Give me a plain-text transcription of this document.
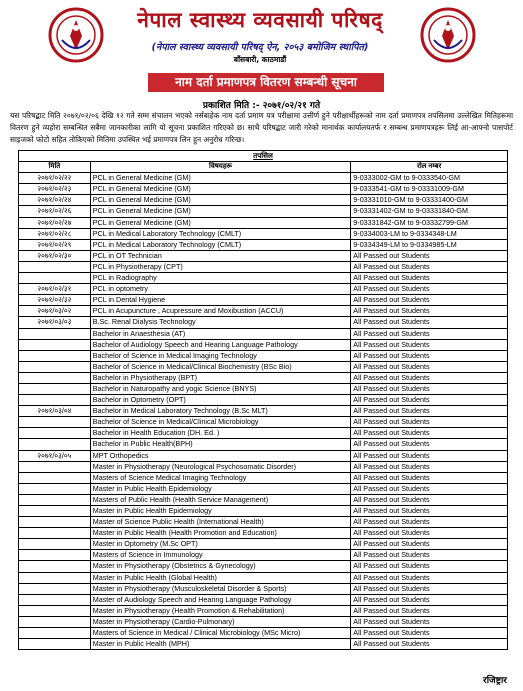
नेपाल स्वास्थ्य व्यवसायी परिषद्
(नेपाल स्वास्थ्य व्यवसायी परिषद् ऐन, २०५३ बमोजिम स्थापित)
बाँसबारी, काठमाडौं
नाम दर्ता प्रमाणपत्र वितरण सम्बन्धी सूचना
प्रकाशित मिति :- २०७१/०२/२१ गते
यस परिषद्बाट मिति २०७१/०२/०६ देखि १२ गते सम्म संचालन भएको नर्सबाहेक नाम दर्ता प्रमाण पत्र परीक्षामा उत्तीर्ण हुने परीक्षार्थीहरूको नाम दर्ता प्रमाणपत्र तपसिलमा उल्लेखित मितिहरूमा वितरण हुने व्यहोरा सम्बन्धित सबैमा जानकारीका लागि यो सूचना प्रकाशित गरिएको छ। साथै परिषद्बाट जारी गरेको मानार्थक कार्यालयतर्फ र सम्बन्ध प्रमाणपत्रहरू लिई आ-आफ्नो पासपोर्ट साइजको फोटो सहित तोकिएको मितिमा उपस्थित भई प्रमाणपत्र लिन हुन अनुरोध गरिन्छ।
तपसिल		
मिति	विषयहरू	रोल नम्बर
२०७१/०२/२२	PCL in General Medicine (GM)	9-0333002-GM to 9-0333540-GM
२०७१/०२/२३	PCL in General Medicine (GM)	9-0333541-GM to 9-03331009-GM
२०७१/०२/२४	PCL in General Medicine (GM)	9-03331010-GM to 9-03331400-GM
२०७१/०२/२६	PCL in General Medicine (GM)	9-03331402-GM to 9-03331840-GM
२०७१/०२/२७	PCL in General Medicine (GM)	9-03331842-GM to 9-03332799-GM
२०७१/०२/२८	PCL in Medical Laboratory Technology (CMLT)	9-0334003-LM to 9-0334348-LM
२०७१/०२/२९	PCL in Medical Laboratory Technology (CMLT)	9-0334349-LM to 9-0334985-LM
२०७१/०२/३०	PCL in OT Technician	All Passed out Students
	PCL in Physiotherapy (CPT)	All Passed out Students
	PCL in Radiography	All Passed out Students
२०७१/०२/३१	PCL in optometry	All Passed out Students
२०७१/०२/३२	PCL in Dental Hygiene	All Passed out Students
२०७१/०३/०२	PCL in Acupuncture , Acupressure and Moxibustion (ACCU)	All Passed out Students
२०७१/०३/०३	B.Sc. Renal Dialysis Technology	All Passed out Students
	Bachelor in Anaesthesia (AT)	All Passed out Students
	Bachelor of Audiology Speech and Hearing Language Pathology	All Passed out Students
	Bachelor of Science in Medical Imaging Technology	All Passed out Students
	Bachelor of Science in Medical/Clinical Biochemistry (BSc Bio)	All Passed out Students
	Bachelor in Physiotherapy (BPT)	All Passed out Students
	Bachelor in Naturopathy and yogic Science (BNYS)	All Passed out Students
	Bachelor in Optometry (OPT)	All Passed out Students
२०७१/०३/०४	Bachelor in Medical Laboratory Technology (B.Sc MLT)	All Passed out Students
	Bachelor of Science in Medical/Clinical Microbiology	All Passed out Students
	Bachelor in Health Education (DH. Ed. )	All Passed out Students
	Bachelor in Public Health(BPH)	All Passed out Students
२०७१/०३/०५	MPT Orthopedics	All Passed out Students
	Master in Physiotherapy (Neurological Psychosomatic Disorder)	All Passed out Students
	Masters of Science Medical Imaging Technology	All Passed out Students
	Master in Public Health Epidemiology	All Passed out Students
	Masters of Public Health (Health Service Management)	All Passed out Students
	Master in Public Health Epidemiology	All Passed out Students
	Master of Science Public Health (International Health)	All Passed out Students
	Master in Public Health (Health Promotion and Education)	All Passed out Students
	Master in Optometry (M.Sc OPT)	All Passed out Students
	Masters of Science in Immunology	All Passed out Students
	Master in Physiotherapy (Obstetrics & Gynecology)	All Passed out Students
	Master in Public Health (Global Health)	All Passed out Students
	Master in Physiotherapy (Musculoskeletal Disorder & Sports)	All Passed out Students
	Master of Audiology Speech and Hearing Language Pathology	All Passed out Students
	Master in Physiotherapy (Health Promotion & Rehabilitation)	All Passed out Students
	Master in Physiotherapy (Cardio-Pulmonary)	All Passed out Students
	Masters of Science in Medical / Clinical Microbiology (MSc Micro)	All Passed out Students
	Master in Public Health (MPH)	All Passed out Students
रजिष्ट्रार
